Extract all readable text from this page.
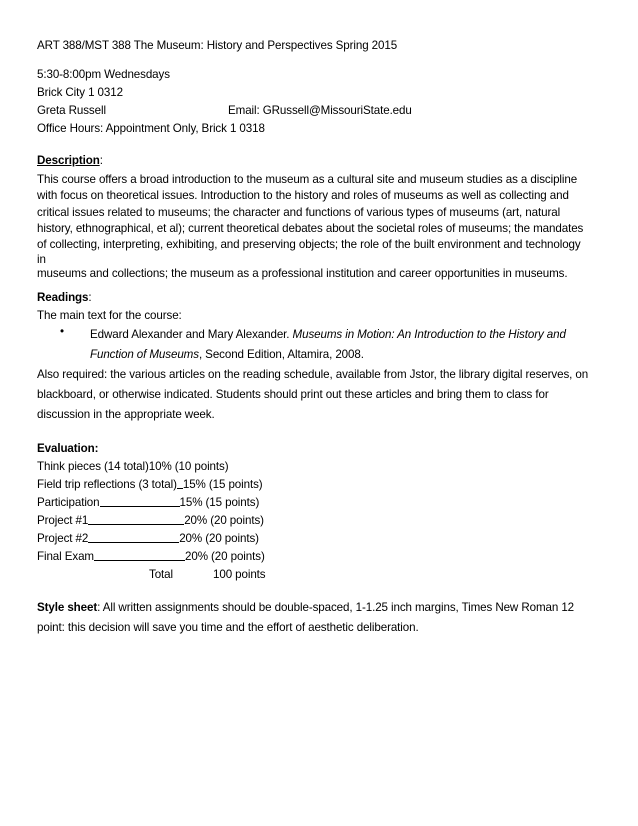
ART 388/MST 388 The Museum: History and Perspectives Spring 2015
5:30-8:00pm Wednesdays
Brick City 1 0312
Greta Russell	Email: GRussell@MissouriState.edu
Office Hours: Appointment Only, Brick 1 0318
Description:
This course offers a broad introduction to the museum as a cultural site and museum studies as a discipline
with focus on theoretical issues. Introduction to the history and roles of museums as well as collecting and
critical issues related to museums; the character and functions of various types of museums (art, natural
history, ethnographical, et al); current theoretical debates about the societal roles of museums; the mandates
of collecting, interpreting, exhibiting, and preserving objects; the role of the built environment and technology
in
museums and collections; the museum as a professional institution and career opportunities in museums.
Readings:
The main text for the course:
•	Edward Alexander and Mary Alexander. Museums in Motion: An Introduction to the History and
Function of Museums, Second Edition, Altamira, 2008.
Also required: the various articles on the reading schedule, available from Jstor, the library digital reserves, on
blackboard, or otherwise indicated. Students should print out these articles and bring them to class for
discussion in the appropriate week.
Evaluation:
Think pieces (14 total) 10% (10 points)
Field trip reflections (3 total) 15% (15 points)
Participation	15% (15 points)
Project #1	20% (20 points)
Project #2	20% (20 points)
Final Exam	20% (20 points)
Total	100 points
Style sheet: All written assignments should be double-spaced, 1-1.25 inch margins, Times New Roman 12
point: this decision will save you time and the effort of aesthetic deliberation.
